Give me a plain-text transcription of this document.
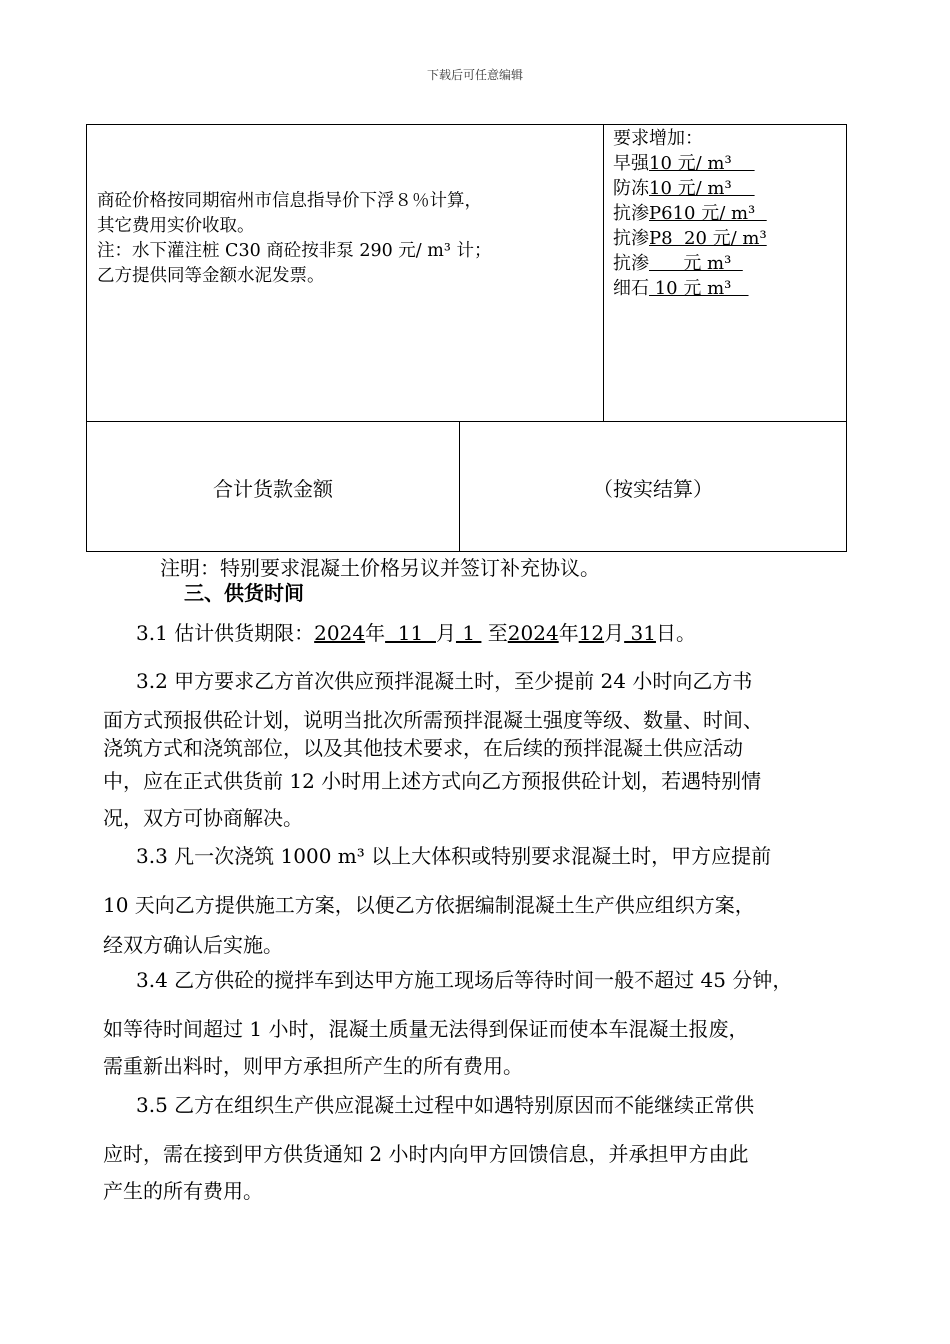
下载后可任意编辑
商砼价格按同期宿州市信息指导价下浮８％计算，
其它费用实价收取。
注：水下灌注桩 C30 商砼按非泵 290 元/ m³ 计；
乙方提供同等金额水泥发票。
要求增加：
早强10 元/ m³
防冻10 元/ m³
抗渗P610 元/ m³
抗渗P8  20 元/ m³
抗渗      元 m³
细石 10 元 m³
合计货款金额	（按实结算）
注明：特别要求混凝土价格另议并签订补充协议。
三、供货时间
3.1 估计供货期限：2024年  11  月 1  至2024年12月 31日。
3.2 甲方要求乙方首次供应预拌混凝土时，至少提前 24 小时向乙方书
面方式预报供砼计划，说明当批次所需预拌混凝土强度等级、数量、时间、
浇筑方式和浇筑部位，以及其他技术要求，在后续的预拌混凝土供应活动
中，应在正式供货前 12 小时用上述方式向乙方预报供砼计划，若遇特别情
况，双方可协商解决。
3.3 凡一次浇筑 1000 m³ 以上大体积或特别要求混凝土时，甲方应提前
10 天向乙方提供施工方案，以便乙方依据编制混凝土生产供应组织方案，
经双方确认后实施。
3.4 乙方供砼的搅拌车到达甲方施工现场后等待时间一般不超过 45 分钟，
如等待时间超过 1 小时，混凝土质量无法得到保证而使本车混凝土报废，
需重新出料时，则甲方承担所产生的所有费用。
3.5 乙方在组织生产供应混凝土过程中如遇特别原因而不能继续正常供
应时，需在接到甲方供货通知 2 小时内向甲方回馈信息，并承担甲方由此
产生的所有费用。
